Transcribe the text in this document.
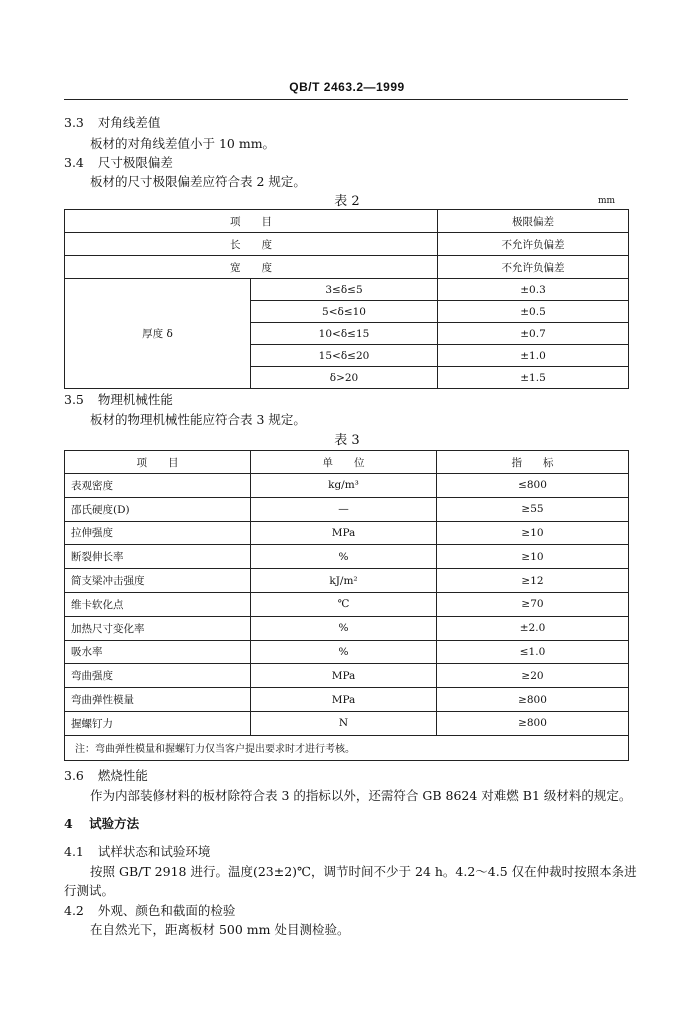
QB/T 2463.2—1999
3.3 对角线差值
板材的对角线差值小于 10 mm。
3.4 尺寸极限偏差
板材的尺寸极限偏差应符合表 2 规定。
表 2	mm
项　　目		极限偏差
长　　度		不允许负偏差
宽　　度		不允许负偏差
厚度 δ	3≤δ≤5	±0.3
	5<δ≤10	±0.5
	10<δ≤15	±0.7
	15<δ≤20	±1.0
	δ>20	±1.5
3.5 物理机械性能
板材的物理机械性能应符合表 3 规定。
表 3
项　　目	单　　位	指　　标
表观密度	kg/m³	≤800
邵氏硬度(D)	—	≥55
拉伸强度	MPa	≥10
断裂伸长率	%	≥10
简支梁冲击强度	kJ/m²	≥12
维卡软化点	℃	≥70
加热尺寸变化率	%	±2.0
吸水率	%	≤1.0
弯曲强度	MPa	≥20
弯曲弹性模量	MPa	≥800
握螺钉力	N	≥800
注：弯曲弹性模量和握螺钉力仅当客户提出要求时才进行考核。		
3.6 燃烧性能
作为内部装修材料的板材除符合表 3 的指标以外，还需符合 GB 8624 对难燃 B1 级材料的规定。
4 试验方法
4.1 试样状态和试验环境
按照 GB/T 2918 进行。温度(23±2)℃，调节时间不少于 24 h。4.2～4.5 仅在仲裁时按照本条进
行测试。
4.2 外观、颜色和截面的检验
在自然光下，距离板材 500 mm 处目测检验。
